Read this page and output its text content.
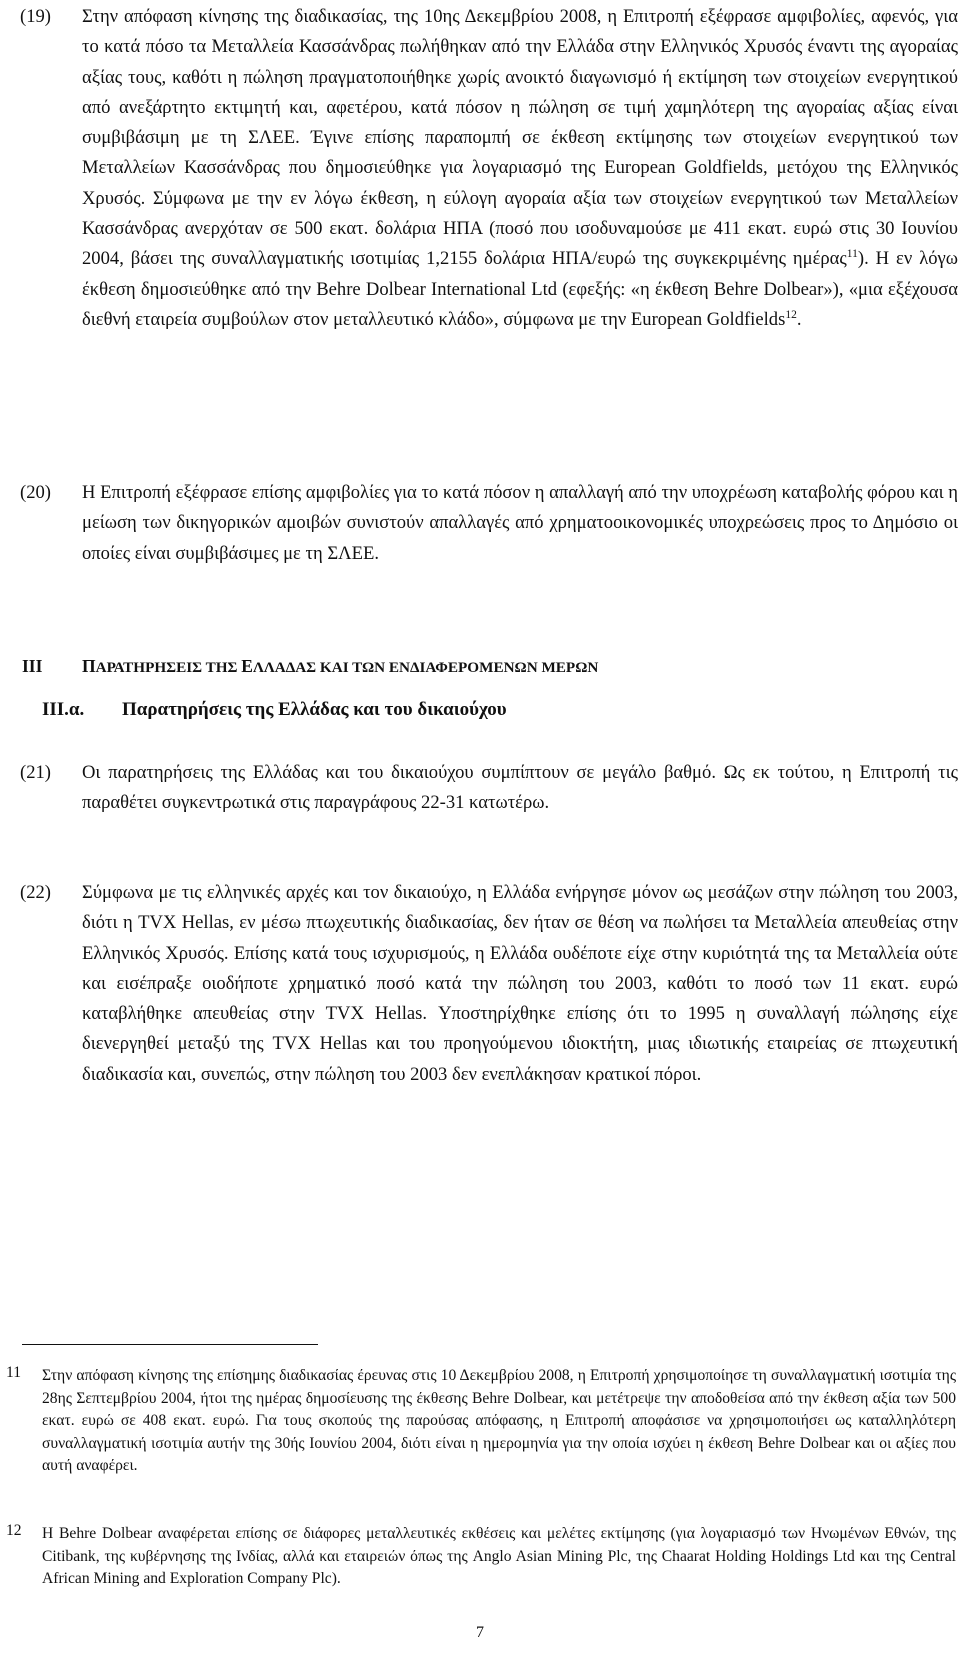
(19) Στην απόφαση κίνησης της διαδικασίας, της 10ης Δεκεμβρίου 2008, η Επιτροπή εξέφρασε αμφιβολίες, αφενός, για το κατά πόσο τα Μεταλλεία Κασσάνδρας πωλήθηκαν από την Ελλάδα στην Ελληνικός Χρυσός έναντι της αγοραίας αξίας τους, καθότι η πώληση πραγματοποιήθηκε χωρίς ανοικτό διαγωνισμό ή εκτίμηση των στοιχείων ενεργητικού από ανεξάρτητο εκτιμητή και, αφετέρου, κατά πόσον η πώληση σε τιμή χαμηλότερη της αγοραίας αξίας είναι συμβιβάσιμη με τη ΣΛΕΕ. Έγινε επίσης παραπομπή σε έκθεση εκτίμησης των στοιχείων ενεργητικού των Μεταλλείων Κασσάνδρας που δημοσιεύθηκε για λογαριασμό της European Goldfields, μετόχου της Ελληνικός Χρυσός. Σύμφωνα με την εν λόγω έκθεση, η εύλογη αγοραία αξία των στοιχείων ενεργητικού των Μεταλλείων Κασσάνδρας ανερχόταν σε 500 εκατ. δολάρια ΗΠΑ (ποσό που ισοδυναμούσε με 411 εκατ. ευρώ στις 30 Ιουνίου 2004, βάσει της συναλλαγματικής ισοτιμίας 1,2155 δολάρια ΗΠΑ/ευρώ της συγκεκριμένης ημέρας$^{11}$). Η εν λόγω έκθεση δημοσιεύθηκε από την Behre Dolbear International Ltd (εφεξής: «η έκθεση Behre Dolbear»), «μια εξέχουσα διεθνή εταιρεία συμβούλων στον μεταλλευτικό κλάδο», σύμφωνα με την European Goldfields$^{12}$.
(20) Η Επιτροπή εξέφρασε επίσης αμφιβολίες για το κατά πόσον η απαλλαγή από την υποχρέωση καταβολής φόρου και η μείωση των δικηγορικών αμοιβών συνιστούν απαλλαγές από χρηματοοικονομικές υποχρεώσεις προς το Δημόσιο οι οποίες είναι συμβιβάσιμες με τη ΣΛΕΕ.
III ΠΑΡΑΤΗΡΗΣΕΙΣ ΤΗΣ ΕΛΛΑΔΑΣ ΚΑΙ ΤΩΝ ΕΝΔΙΑΦΕΡΟΜΕΝΩΝ ΜΕΡΩΝ
III.α. Παρατηρήσεις της Ελλάδας και του δικαιούχου
(21) Οι παρατηρήσεις της Ελλάδας και του δικαιούχου συμπίπτουν σε μεγάλο βαθμό. Ως εκ τούτου, η Επιτροπή τις παραθέτει συγκεντρωτικά στις παραγράφους 22-31 κατωτέρω.
(22) Σύμφωνα με τις ελληνικές αρχές και τον δικαιούχο, η Ελλάδα ενήργησε μόνον ως μεσάζων στην πώληση του 2003, διότι η TVX Hellas, εν μέσω πτωχευτικής διαδικασίας, δεν ήταν σε θέση να πωλήσει τα Μεταλλεία απευθείας στην Ελληνικός Χρυσός. Επίσης κατά τους ισχυρισμούς, η Ελλάδα ουδέποτε είχε στην κυριότητά της τα Μεταλλεία ούτε και εισέπραξε οιοδήποτε χρηματικό ποσό κατά την πώληση του 2003, καθότι το ποσό των 11 εκατ. ευρώ καταβλήθηκε απευθείας στην TVX Hellas. Υποστηρίχθηκε επίσης ότι το 1995 η συναλλαγή πώλησης είχε διενεργηθεί μεταξύ της TVX Hellas και του προηγούμενου ιδιοκτήτη, μιας ιδιωτικής εταιρείας σε πτωχευτική διαδικασία και, συνεπώς, στην πώληση του 2003 δεν ενεπλάκησαν κρατικοί πόροι.
11 Στην απόφαση κίνησης της επίσημης διαδικασίας έρευνας στις 10 Δεκεμβρίου 2008, η Επιτροπή χρησιμοποίησε τη συναλλαγματική ισοτιμία της 28ης Σεπτεμβρίου 2004, ήτοι της ημέρας δημοσίευσης της έκθεσης Behre Dolbear, και μετέτρεψε την αποδοθείσα από την έκθεση αξία των 500 εκατ. ευρώ σε 408 εκατ. ευρώ. Για τους σκοπούς της παρούσας απόφασης, η Επιτροπή αποφάσισε να χρησιμοποιήσει ως καταλληλότερη συναλλαγματική ισοτιμία αυτήν της 30ής Ιουνίου 2004, διότι είναι η ημερομηνία για την οποία ισχύει η έκθεση Behre Dolbear και οι αξίες που αυτή αναφέρει.
12 Η Behre Dolbear αναφέρεται επίσης σε διάφορες μεταλλευτικές εκθέσεις και μελέτες εκτίμησης (για λογαριασμό των Ηνωμένων Εθνών, της Citibank, της κυβέρνησης της Ινδίας, αλλά και εταιρειών όπως της Anglo Asian Mining Plc, της Chaarat Holding Holdings Ltd και της Central African Mining and Exploration Company Plc).
7
